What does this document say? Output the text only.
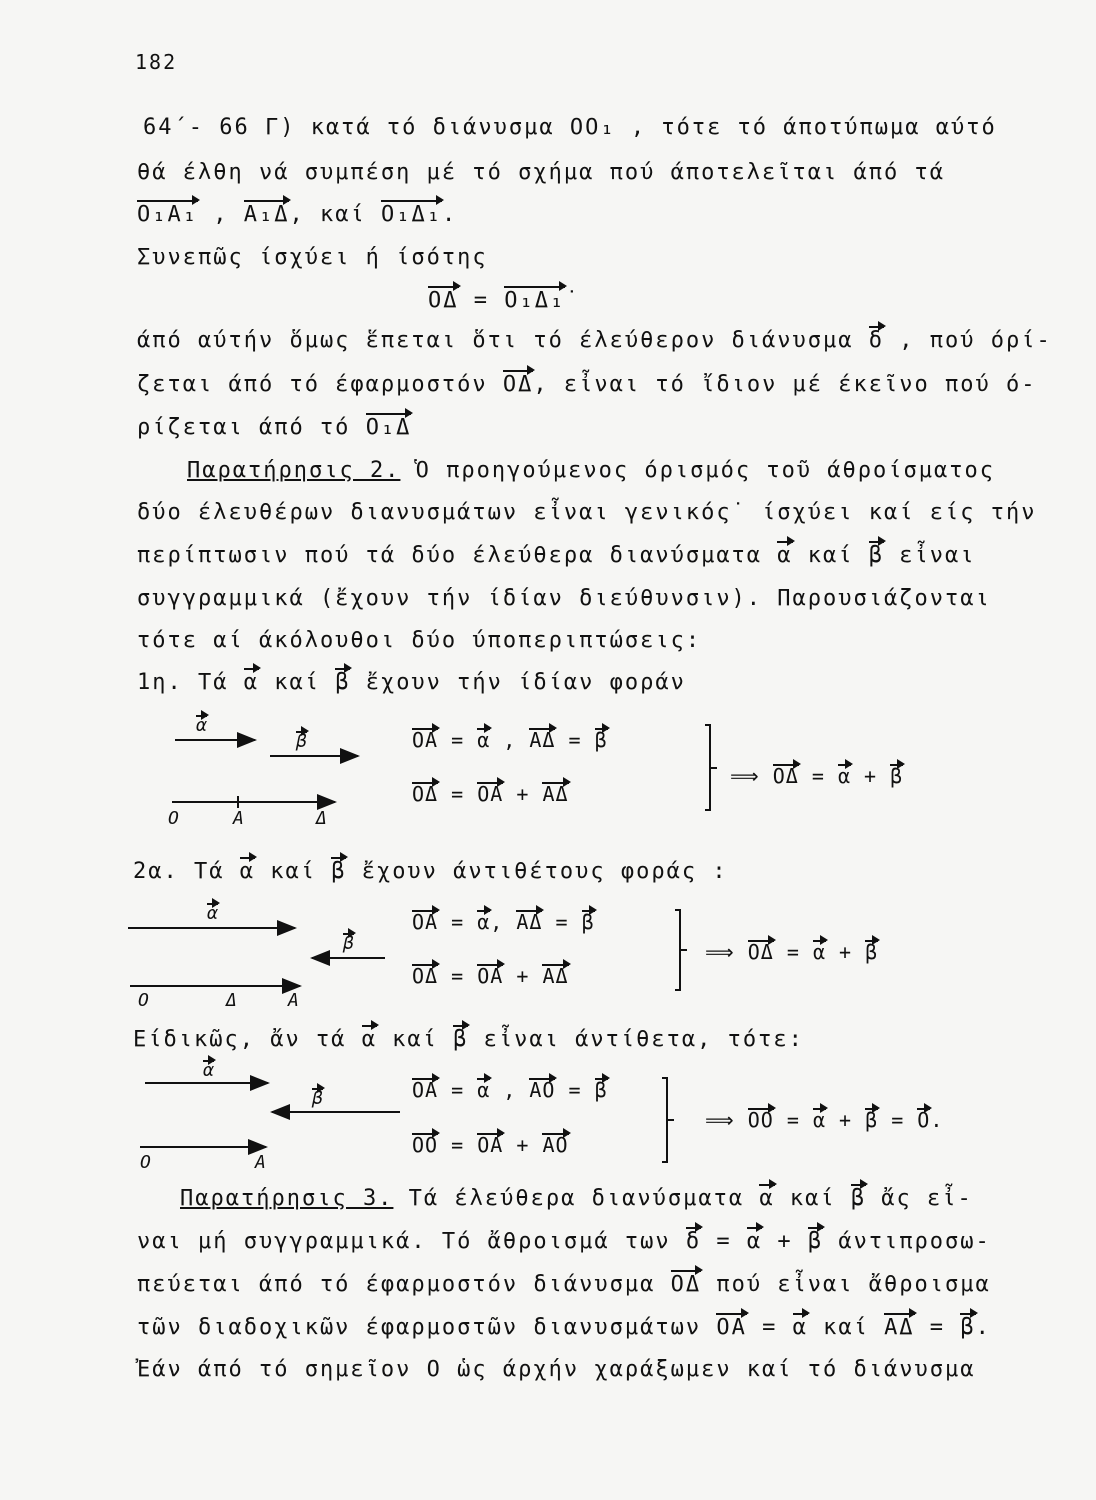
182
64΄- 66 Γ) κατά τό διάνυσμα ΟΟ₁ , τότε τό άποτύπωμα αύτό
θά έλθη νά συμπέση μέ τό σχήμα πού άποτελεῖται άπό τά
Ο₁Α₁ , Α₁Δ, καί Ο₁Δ₁.
Συνεπῶς ίσχύει ή ίσότης
ΟΔ = Ο₁Δ₁˙
άπό αύτήν ὅμως ἕπεται ὅτι τό έλεύθερον διάνυσμα δ , πού όρί-
ζεται άπό τό έφαρμοστόν ΟΔ, εἶναι τό ἴδιον μέ έκεῖνο πού ό-
ρίζεται άπό τό Ο₁Δ
Παρατήρησις 2. Ὁ προηγούμενος όρισμός τοῦ άθροίσματος
δύο έλευθέρων διανυσμάτων εἶναι γενικός˙ ίσχύει καί είς τήν
περίπτωσιν πού τά δύο έλεύθερα διανύσματα α καί β εἶναι
συγγραμμικά (ἔχουν τήν ίδίαν διεύθυνσιν). Παρουσιάζονται
τότε αί άκόλουθοι δύο ύποπεριπτώσεις:
1η. Τά α καί β ἔχουν τήν ίδίαν φοράν
α
β
Ο	Α	Δ
ΟΑ = α , ΑΔ = β
ΟΔ = ΟΑ + ΑΔ
⟹ ΟΔ = α + β
2α. Τά α καί β ἔχουν άντιθέτους φοράς :
α
β
Ο	Δ	Α
ΟΑ = α, ΑΔ = β
ΟΔ = ΟΑ + ΑΔ
⟹ ΟΔ = α + β
Είδικῶς, ἄν τά α καί β εἶναι άντίθετα, τότε:
α
β
Ο	Α
ΟΑ = α , ΑΟ = β
ΟΟ = ΟΑ + ΑΟ
⟹ ΟΟ = α + β = Ο.
Παρατήρησις 3. Τά έλεύθερα διανύσματα α καί β ἄς εἶ-
ναι μή συγγραμμικά. Τό ἄθροισμά των δ = α + β άντιπροσω-
πεύεται άπό τό έφαρμοστόν διάνυσμα ΟΔ πού εἶναι ἄθροισμα
τῶν διαδοχικῶν έφαρμοστῶν διανυσμάτων ΟΑ = α καί ΑΔ = β.
Ἐάν άπό τό σημεῖον Ο ὡς άρχήν χαράξωμεν καί τό διάνυσμα
